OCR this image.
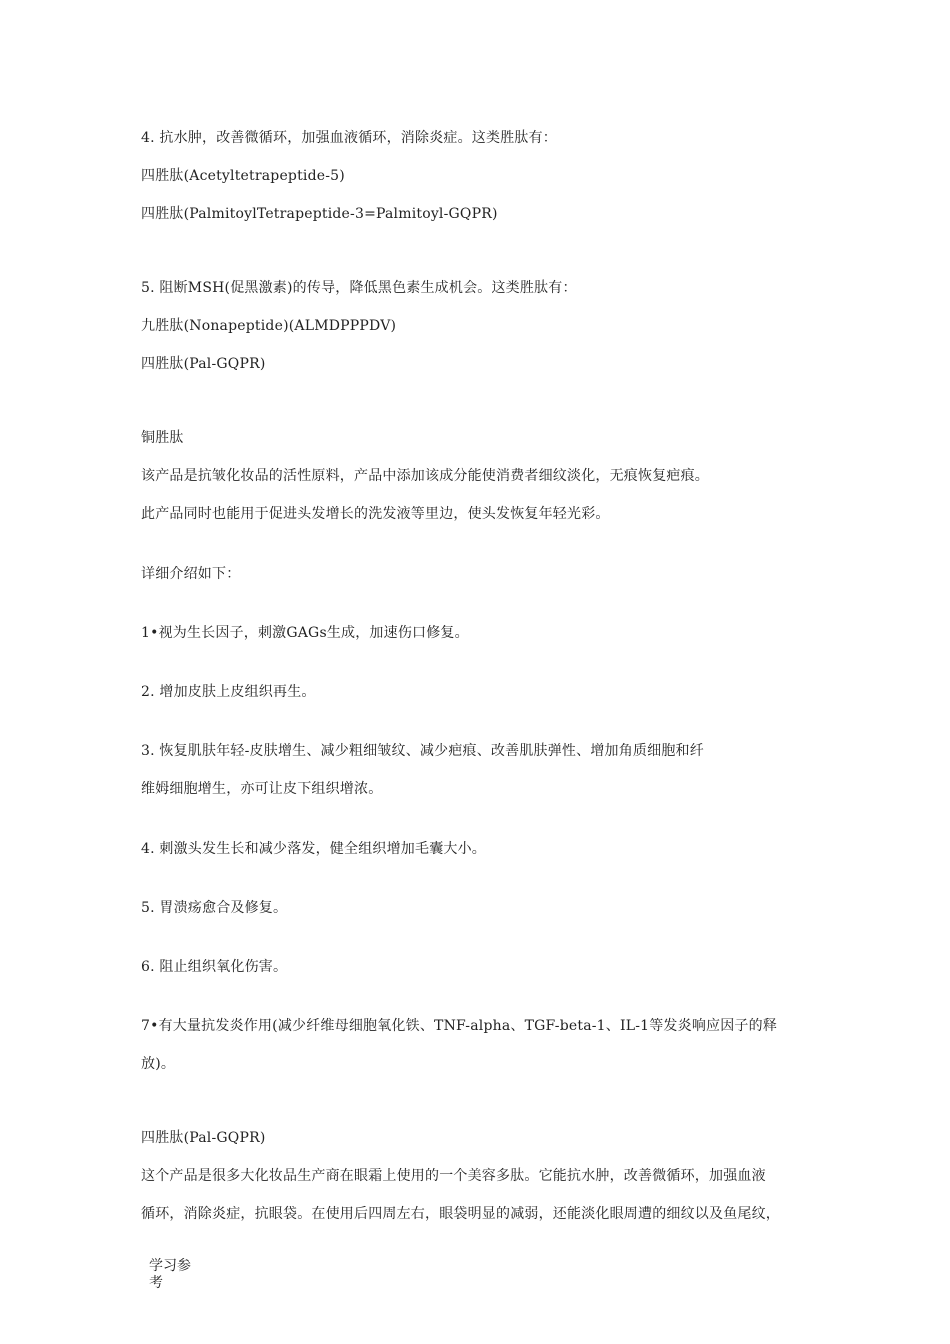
4. 抗水肿，改善微循环，加强血液循环，消除炎症。这类胜肽有：
四胜肽(Acetyltetrapeptide-5)
四胜肽(PalmitoylTetrapeptide-3=Palmitoyl-GQPR)
5. 阻断MSH(促黑激素)的传导，降低黑色素生成机会。这类胜肽有：
九胜肽(Nonapeptide)(ALMDPPPDV)
四胜肽(Pal-GQPR)
铜胜肽
该产品是抗皱化妆品的活性原料，产品中添加该成分能使消费者细纹淡化，无痕恢复疤痕。
此产品同时也能用于促进头发增长的洗发液等里边，使头发恢复年轻光彩。
详细介绍如下：
1•视为生长因子，刺激GAGs生成，加速伤口修复。
2. 增加皮肤上皮组织再生。
3. 恢复肌肤年轻-皮肤增生、减少粗细皱纹、减少疤痕、改善肌肤弹性、增加角质细胞和纤
维姆细胞增生，亦可让皮下组织增浓。
4. 刺激头发生长和减少落发，健全组织增加毛囊大小。
5. 胃溃疡愈合及修复。
6. 阻止组织氧化伤害。
7•有大量抗发炎作用(减少纤维母细胞氧化铁、TNF-alpha、TGF-beta-1、IL-1等发炎响应因子的释
放)。
四胜肽(Pal-GQPR)
这个产品是很多大化妆品生产商在眼霜上使用的一个美容多肽。它能抗水肿，改善微循环，加强血液
循环，消除炎症，抗眼袋。在使用后四周左右，眼袋明显的减弱，还能淡化眼周遭的细纹以及鱼尾纹，
学习参考
